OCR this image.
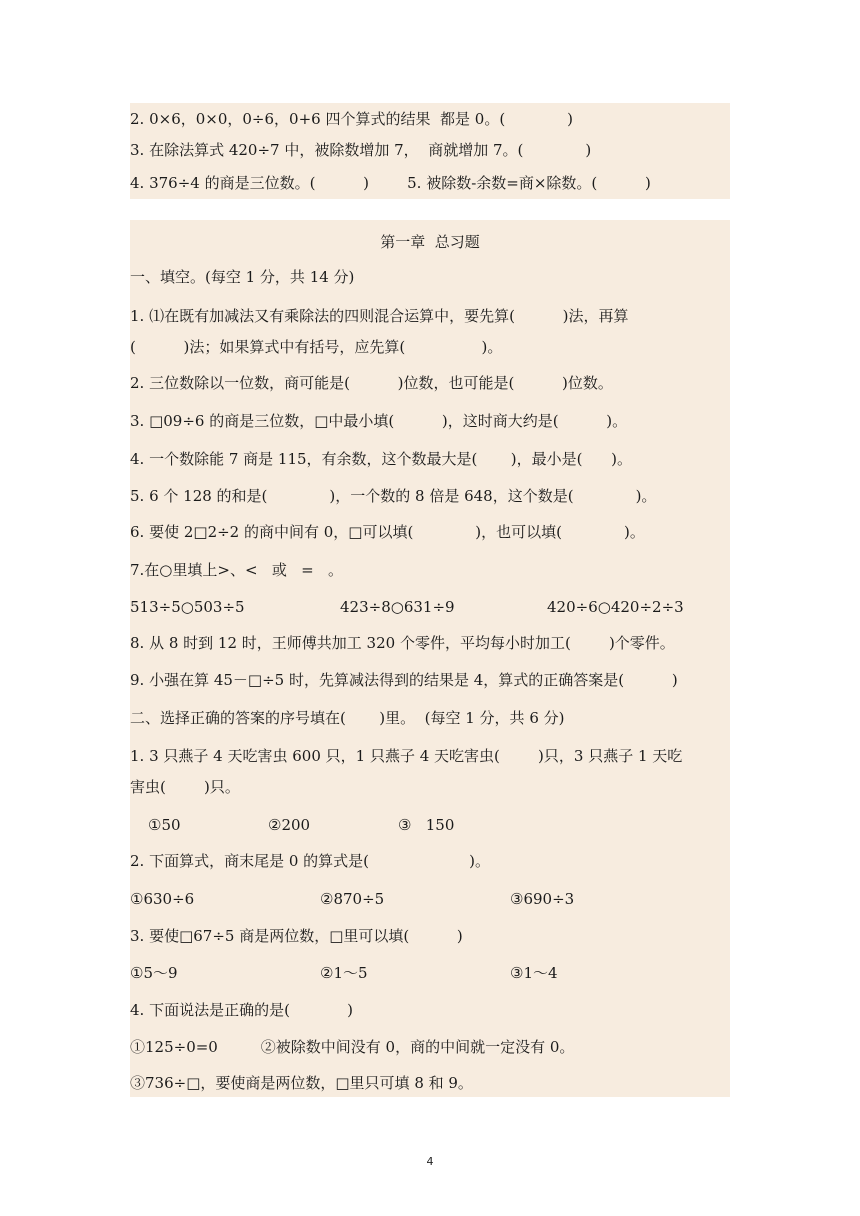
2. 0×6，0×0，0÷6，0+6 四个算式的结果  都是 0。(             )
3. 在除法算式 420÷7 中，被除数增加 7，  商就增加 7。(             )
4. 376÷4 的商是三位数。(          )        5. 被除数-余数=商×除数。(          )
第一章  总习题
一、填空。(每空 1 分，共 14 分)
1. ⑴在既有加减法又有乘除法的四则混合运算中，要先算(          )法，再算
(          )法；如果算式中有括号，应先算(                )。
2. 三位数除以一位数，商可能是(          )位数，也可能是(          )位数。
3. □09÷6 的商是三位数，□中最小填(          )，这时商大约是(          )。
4. 一个数除能 7 商是 115，有余数，这个数最大是(       )，最小是(      )。
5. 6 个 128 的和是(             )，一个数的 8 倍是 648，这个数是(             )。
6. 要使 2□2÷2 的商中间有 0，□可以填(             )，也可以填(             )。
7.在○里填上>、<   或   =   。
513÷5○503÷5	423÷8○631÷9	420÷6○420÷2÷3
8. 从 8 时到 12 时，王师傅共加工 320 个零件，平均每小时加工(        )个零件。
9. 小强在算 45－□÷5 时，先算减法得到的结果是 4，算式的正确答案是(          )
二、选择正确的答案的序号填在(       )里。  (每空 1 分，共 6 分)
1. 3 只燕子 4 天吃害虫 600 只，1 只燕子 4 天吃害虫(        )只，3 只燕子 1 天吃
害虫(        )只。
①50	②200	③   150
2. 下面算式，商末尾是 0 的算式是(                     )。
①630÷6	②870÷5	③690÷3
3. 要使□67÷5 商是两位数，□里可以填(          )
①5～9	②1～5	③1～4
4. 下面说法是正确的是(            )
①125÷0=0         ②被除数中间没有 0，商的中间就一定没有 0。
③736÷□，要使商是两位数，□里只可填 8 和 9。
4
